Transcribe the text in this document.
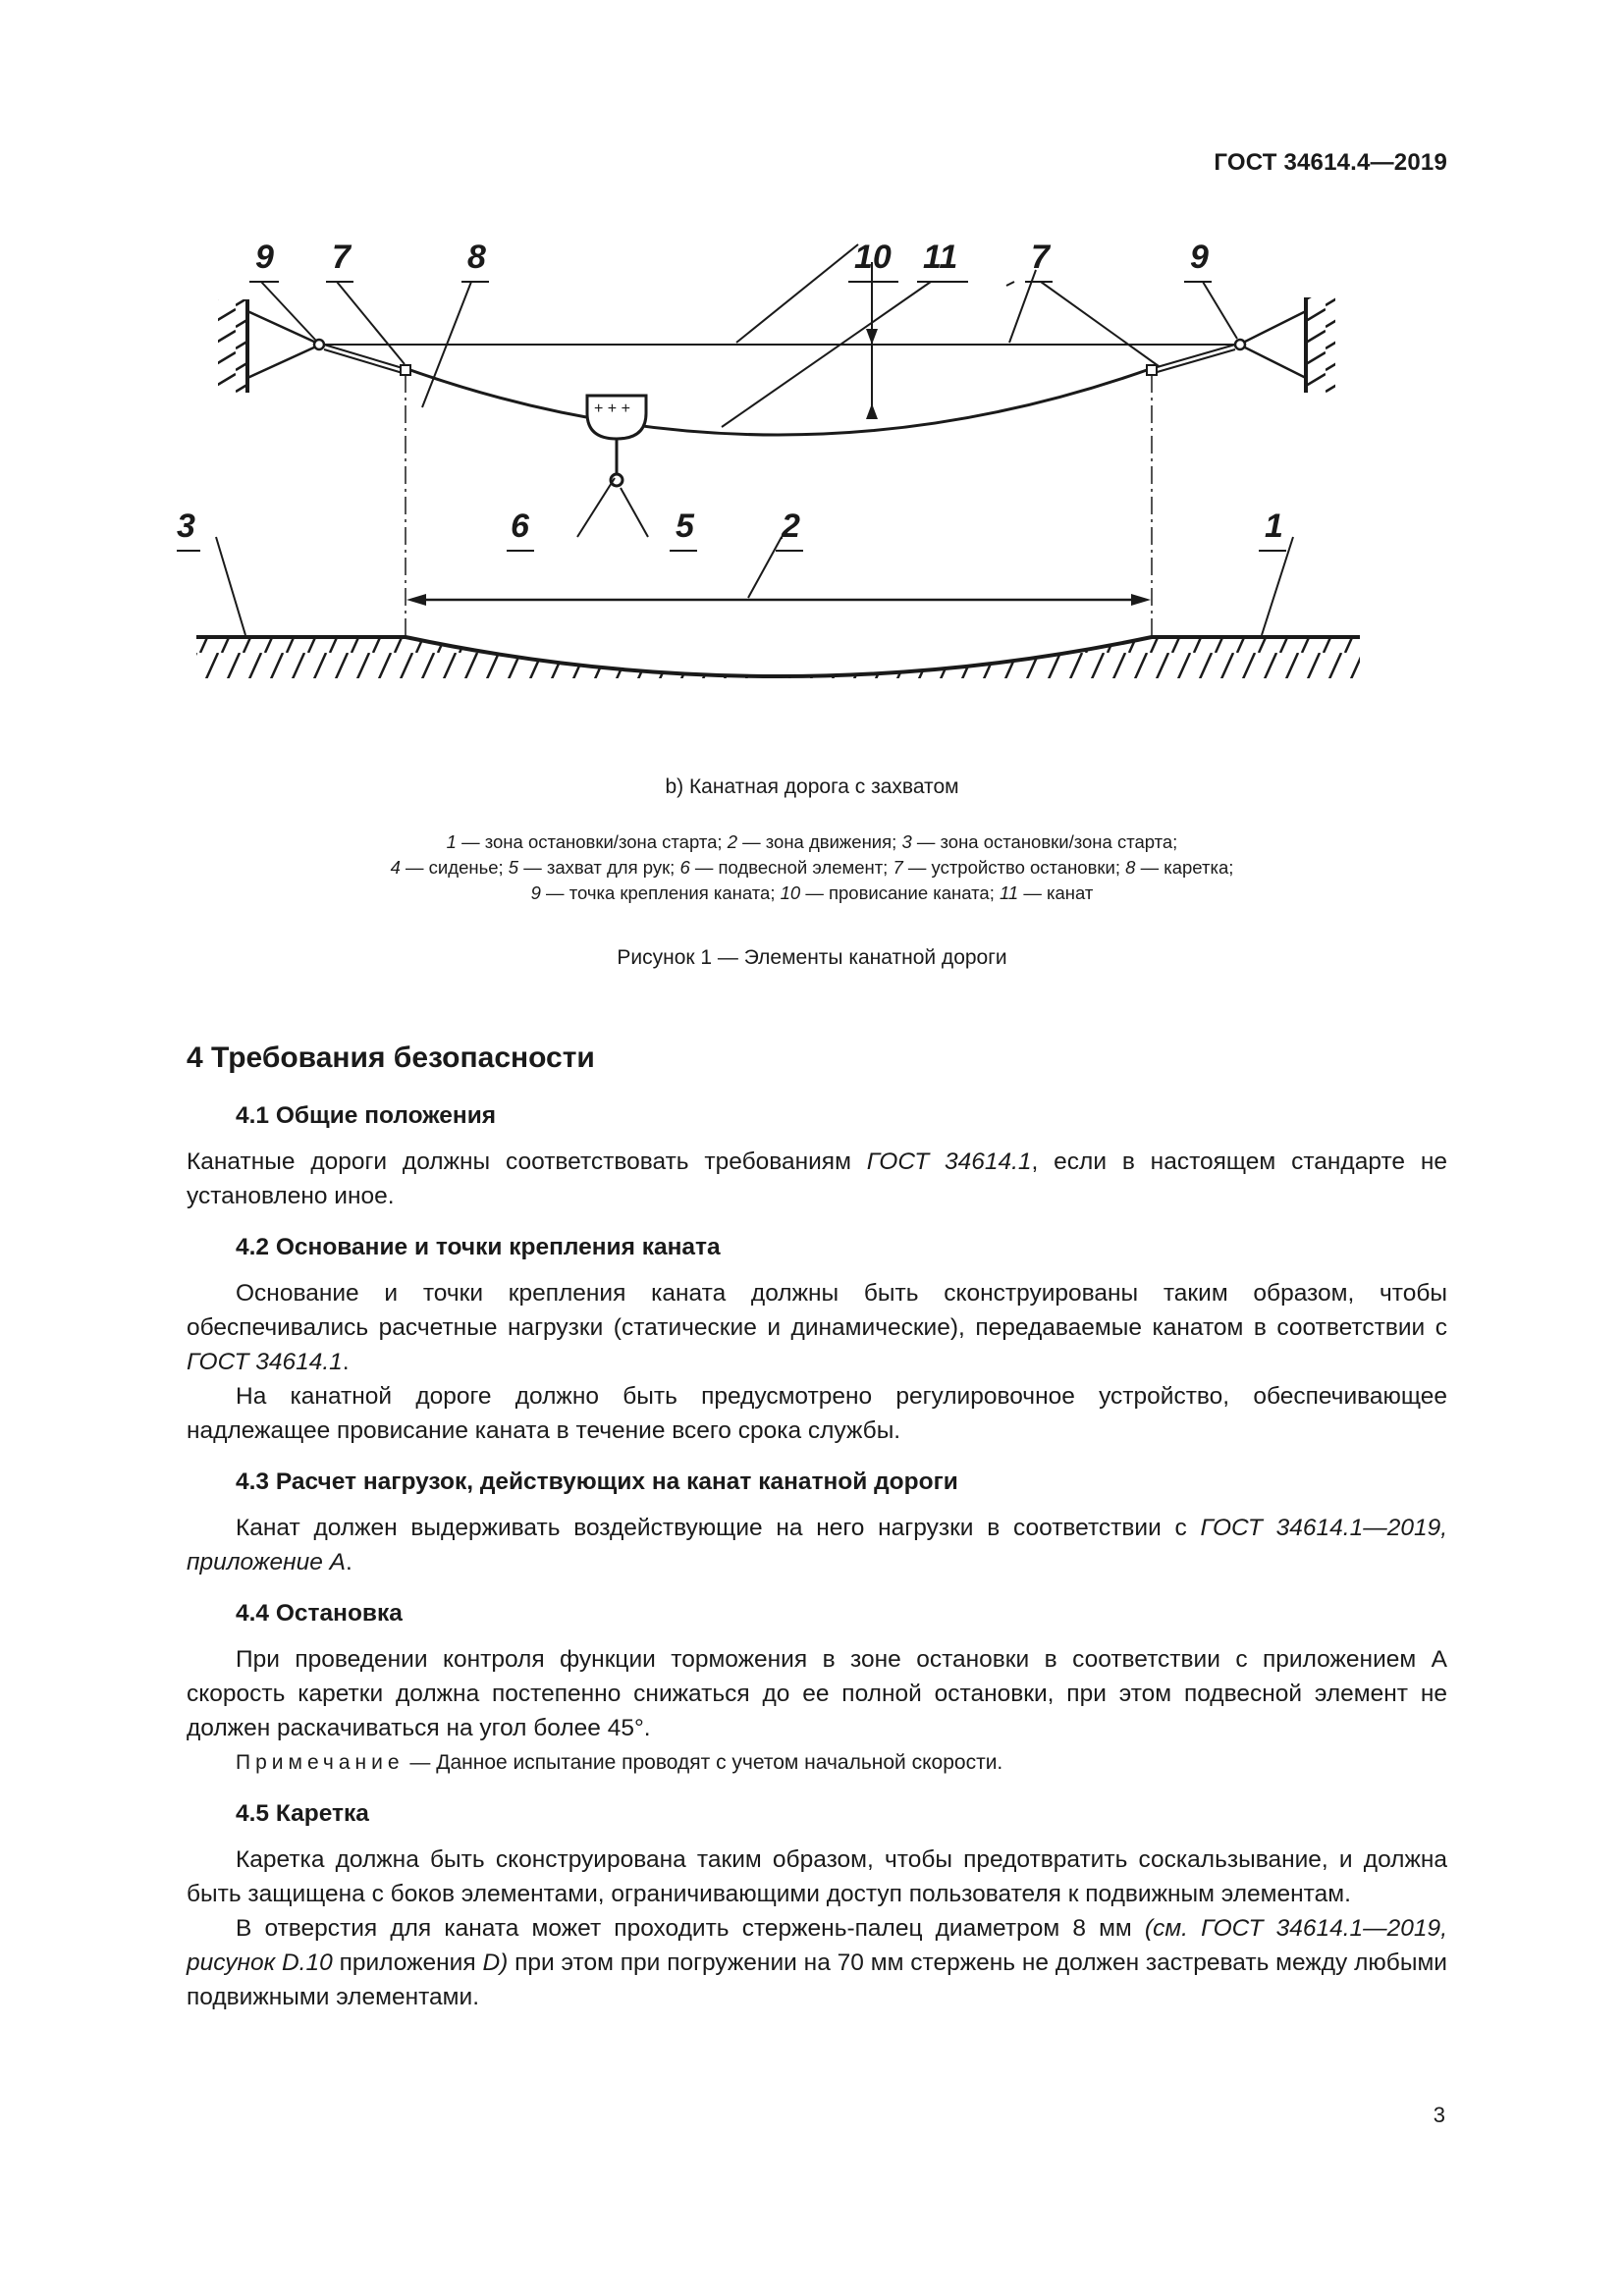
ГОСТ 34614.4—2019
+ + +
9 7	8	10 11 7	9
6	5
3	2	1
b) Канатная дорога с захватом
1 — зона остановки/зона старта; 2 — зона движения; 3 — зона остановки/зона старта;
4 — сиденье; 5 — захват для рук; 6 — подвесной элемент; 7 — устройство остановки; 8 — каретка;
9 — точка крепления каната; 10 — провисание каната; 11 — канат
Рисунок 1 — Элементы канатной дороги
4 Требования безопасности
4.1 Общие положения

Канатные дороги должны соответствовать требованиям ГОСТ 34614.1, если в настоящем стандарте не установлено иное.

4.2 Основание и точки крепления каната

Основание и точки крепления каната должны быть сконструированы таким образом, чтобы обеспечивались расчетные нагрузки (статические и динамические), передаваемые канатом в соответствии с ГОСТ 34614.1.

На канатной дороге должно быть предусмотрено регулировочное устройство, обеспечивающее надлежащее провисание каната в течение всего срока службы.

4.3 Расчет нагрузок, действующих на канат канатной дороги

Канат должен выдерживать воздействующие на него нагрузки в соответствии с ГОСТ 34614.1—2019, приложение А.

4.4 Остановка

При проведении контроля функции торможения в зоне остановки в соответствии с приложением А скорость каретки должна постепенно снижаться до ее полной остановки, при этом подвесной элемент не должен раскачиваться на угол более 45°.

Примечание — Данное испытание проводят с учетом начальной скорости.

4.5 Каретка

Каретка должна быть сконструирована таким образом, чтобы предотвратить соскальзывание, и должна быть защищена с боков элементами, ограничивающими доступ пользователя к подвижным элементам.

В отверстия для каната может проходить стержень-палец диаметром 8 мм (см. ГОСТ 34614.1—2019, рисунок D.10 приложения D) при этом при погружении на 70 мм стержень не должен застревать между любыми подвижными элементами.

3
